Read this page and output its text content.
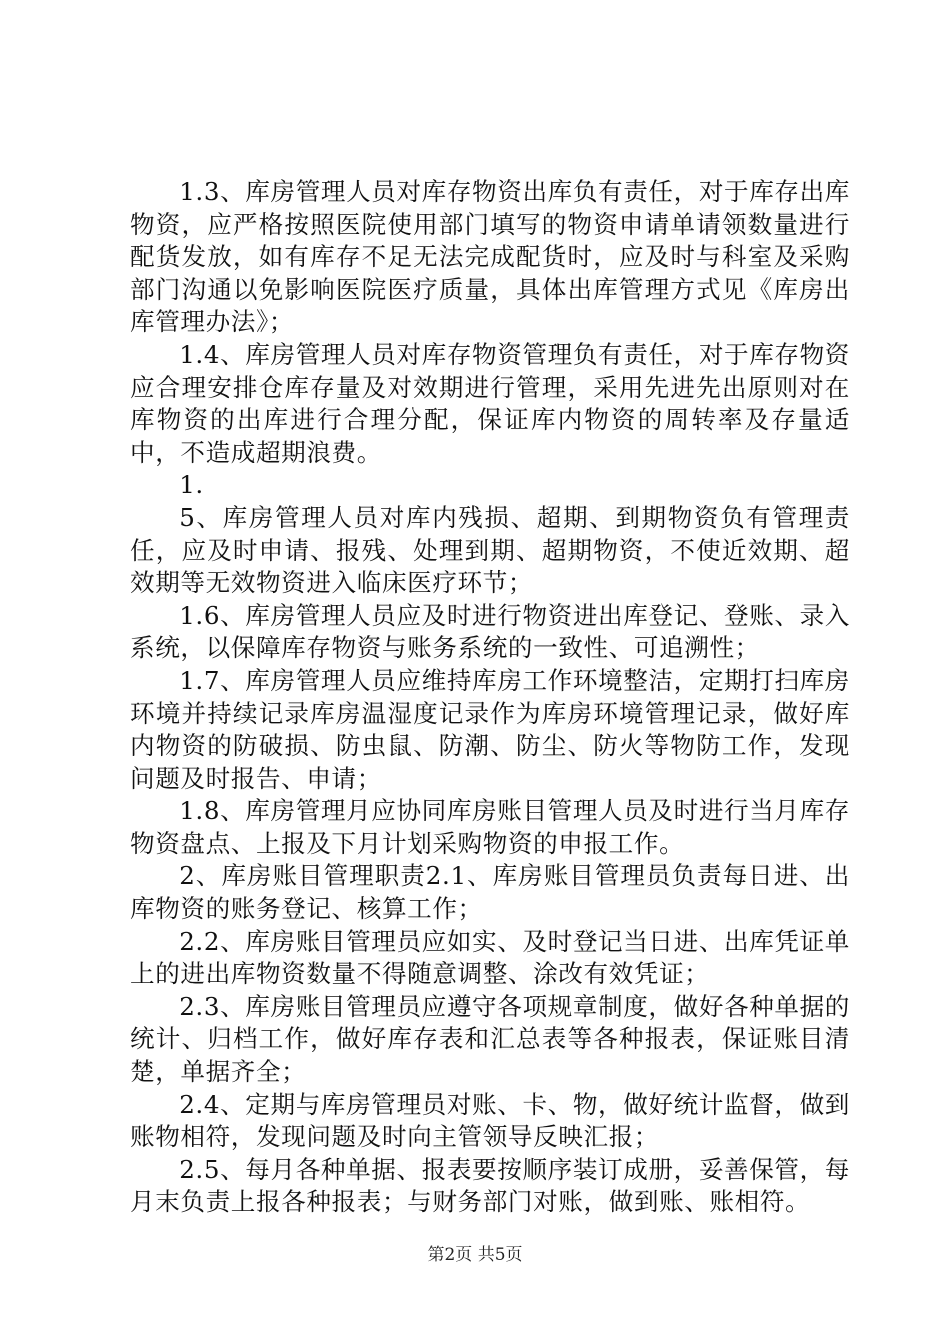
1.3、库房管理人员对库存物资出库负有责任，对于库存出库物资，应严格按照医院使用部门填写的物资申请单请领数量进行配货发放，如有库存不足无法完成配货时，应及时与科室及采购部门沟通以免影响医院医疗质量，具体出库管理方式见《库房出库管理办法》；

1.4、库房管理人员对库存物资管理负有责任，对于库存物资应合理安排仓库存量及对效期进行管理，采用先进先出原则对在库物资的出库进行合理分配，保证库内物资的周转率及存量适中，不造成超期浪费。

1.

5、库房管理人员对库内残损、超期、到期物资负有管理责任，应及时申请、报残、处理到期、超期物资，不使近效期、超效期等无效物资进入临床医疗环节；

1.6、库房管理人员应及时进行物资进出库登记、登账、录入系统，以保障库存物资与账务系统的一致性、可追溯性；

1.7、库房管理人员应维持库房工作环境整洁，定期打扫库房环境并持续记录库房温湿度记录作为库房环境管理记录，做好库内物资的防破损、防虫鼠、防潮、防尘、防火等物防工作，发现问题及时报告、申请；

1.8、库房管理月应协同库房账目管理人员及时进行当月库存物资盘点、上报及下月计划采购物资的申报工作。

2、库房账目管理职责2.1、库房账目管理员负责每日进、出库物资的账务登记、核算工作；

2.2、库房账目管理员应如实、及时登记当日进、出库凭证单上的进出库物资数量不得随意调整、涂改有效凭证；

2.3、库房账目管理员应遵守各项规章制度，做好各种单据的统计、归档工作，做好库存表和汇总表等各种报表，保证账目清楚，单据齐全；

2.4、定期与库房管理员对账、卡、物，做好统计监督，做到账物相符，发现问题及时向主管领导反映汇报；

2.5、每月各种单据、报表要按顺序装订成册，妥善保管，每月末负责上报各种报表；与财务部门对账，做到账、账相符。

第2页 共5页
